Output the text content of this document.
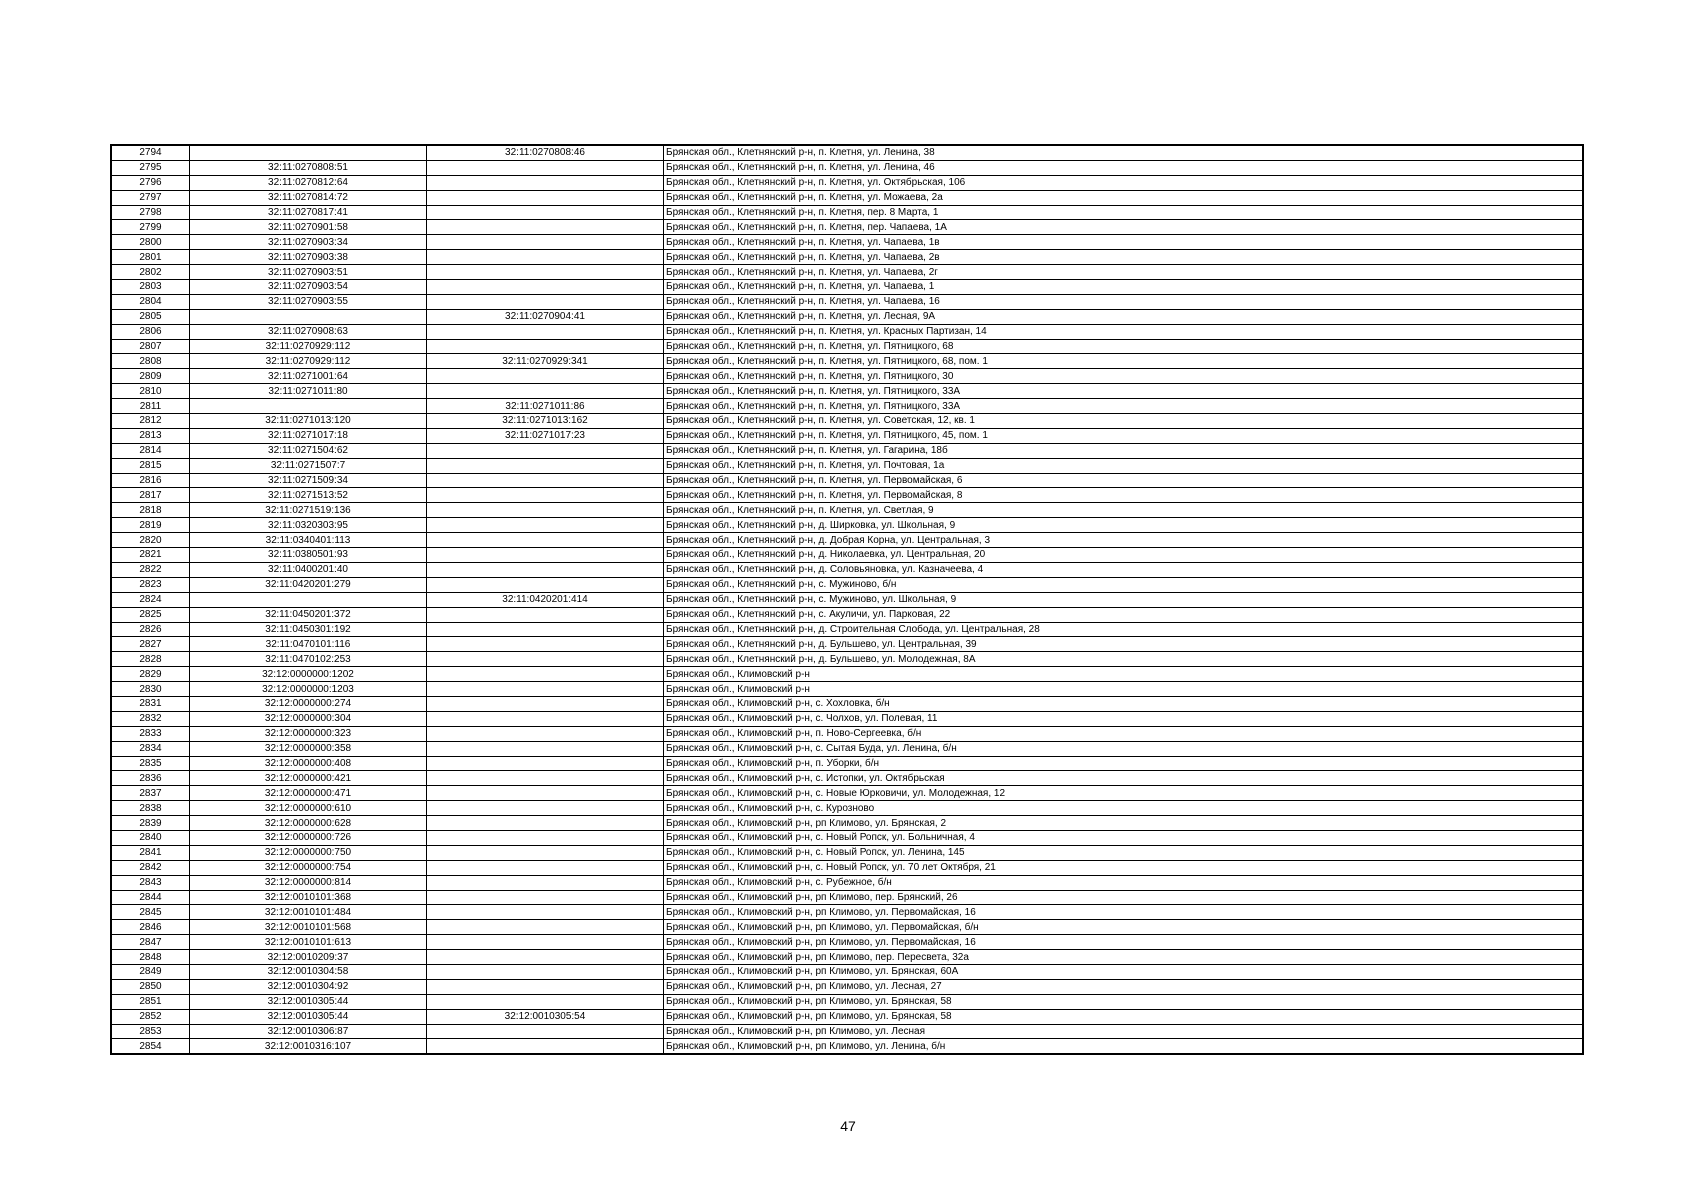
2794		32:11:0270808:46	Брянская обл., Клетнянский р-н, п. Клетня, ул. Ленина, 38
2795	32:11:0270808:51		Брянская обл., Клетнянский р-н, п. Клетня, ул. Ленина, 46
2796	32:11:0270812:64		Брянская обл., Клетнянский р-н, п. Клетня, ул. Октябрьская, 106
2797	32:11:0270814:72		Брянская обл., Клетнянский р-н, п. Клетня, ул. Можаева, 2а
2798	32:11:0270817:41		Брянская обл., Клетнянский р-н, п. Клетня, пер. 8 Марта, 1
2799	32:11:0270901:58		Брянская обл., Клетнянский р-н, п. Клетня, пер. Чапаева, 1А
2800	32:11:0270903:34		Брянская обл., Клетнянский р-н, п. Клетня, ул. Чапаева, 1в
2801	32:11:0270903:38		Брянская обл., Клетнянский р-н, п. Клетня, ул. Чапаева, 2в
2802	32:11:0270903:51		Брянская обл., Клетнянский р-н, п. Клетня, ул. Чапаева, 2г
2803	32:11:0270903:54		Брянская обл., Клетнянский р-н, п. Клетня, ул. Чапаева, 1
2804	32:11:0270903:55		Брянская обл., Клетнянский р-н, п. Клетня, ул. Чапаева, 16
2805		32:11:0270904:41	Брянская обл., Клетнянский р-н, п. Клетня, ул. Лесная, 9А
2806	32:11:0270908:63		Брянская обл., Клетнянский р-н, п. Клетня, ул. Красных Партизан, 14
2807	32:11:0270929:112		Брянская обл., Клетнянский р-н, п. Клетня, ул. Пятницкого, 68
2808	32:11:0270929:112	32:11:0270929:341	Брянская обл., Клетнянский р-н, п. Клетня, ул. Пятницкого, 68, пом. 1
2809	32:11:0271001:64		Брянская обл., Клетнянский р-н, п. Клетня, ул. Пятницкого, 30
2810	32:11:0271011:80		Брянская обл., Клетнянский р-н, п. Клетня, ул. Пятницкого, 33А
2811		32:11:0271011:86	Брянская обл., Клетнянский р-н, п. Клетня, ул. Пятницкого, 33А
2812	32:11:0271013:120	32:11:0271013:162	Брянская обл., Клетнянский р-н, п. Клетня, ул. Советская, 12, кв. 1
2813	32:11:0271017:18	32:11:0271017:23	Брянская обл., Клетнянский р-н, п. Клетня, ул. Пятницкого, 45, пом. 1
2814	32:11:0271504:62		Брянская обл., Клетнянский р-н, п. Клетня, ул. Гагарина, 18б
2815	32:11:0271507:7		Брянская обл., Клетнянский р-н, п. Клетня, ул. Почтовая, 1а
2816	32:11:0271509:34		Брянская обл., Клетнянский р-н, п. Клетня, ул. Первомайская, 6
2817	32:11:0271513:52		Брянская обл., Клетнянский р-н, п. Клетня, ул. Первомайская, 8
2818	32:11:0271519:136		Брянская обл., Клетнянский р-н, п. Клетня, ул. Светлая, 9
2819	32:11:0320303:95		Брянская обл., Клетнянский р-н, д. Ширковка, ул. Школьная, 9
2820	32:11:0340401:113		Брянская обл., Клетнянский р-н, д. Добрая Корна, ул. Центральная, 3
2821	32:11:0380501:93		Брянская обл., Клетнянский р-н, д. Николаевка, ул. Центральная, 20
2822	32:11:0400201:40		Брянская обл., Клетнянский р-н, д. Соловьяновка, ул. Казначеева, 4
2823	32:11:0420201:279		Брянская обл., Клетнянский р-н, с. Мужиново, б/н
2824		32:11:0420201:414	Брянская обл., Клетнянский р-н, с. Мужиново, ул. Школьная, 9
2825	32:11:0450201:372		Брянская обл., Клетнянский р-н, с. Акуличи, ул. Парковая, 22
2826	32:11:0450301:192		Брянская обл., Клетнянский р-н, д. Строительная Слобода, ул. Центральная, 28
2827	32:11:0470101:116		Брянская обл., Клетнянский р-н, д. Бульшево, ул. Центральная, 39
2828	32:11:0470102:253		Брянская обл., Клетнянский р-н, д. Бульшево, ул. Молодежная, 8А
2829	32:12:0000000:1202		Брянская обл., Климовский р-н
2830	32:12:0000000:1203		Брянская обл., Климовский р-н
2831	32:12:0000000:274		Брянская обл., Климовский р-н, с. Хохловка, б/н
2832	32:12:0000000:304		Брянская обл., Климовский р-н, с. Чолхов, ул. Полевая, 11
2833	32:12:0000000:323		Брянская обл., Климовский р-н, п. Ново-Сергеевка, б/н
2834	32:12:0000000:358		Брянская обл., Климовский р-н, с. Сытая Буда, ул. Ленина, б/н
2835	32:12:0000000:408		Брянская обл., Климовский р-н, п. Уборки, б/н
2836	32:12:0000000:421		Брянская обл., Климовский р-н, с. Истопки, ул. Октябрьская
2837	32:12:0000000:471		Брянская обл., Климовский р-н, с. Новые Юрковичи, ул. Молодежная, 12
2838	32:12:0000000:610		Брянская обл., Климовский р-н, с. Курозново
2839	32:12:0000000:628		Брянская обл., Климовский р-н, рп Климово, ул. Брянская, 2
2840	32:12:0000000:726		Брянская обл., Климовский р-н, с. Новый Ропск, ул. Больничная, 4
2841	32:12:0000000:750		Брянская обл., Климовский р-н, с. Новый Ропск, ул. Ленина, 145
2842	32:12:0000000:754		Брянская обл., Климовский р-н, с. Новый Ропск, ул. 70 лет Октября, 21
2843	32:12:0000000:814		Брянская обл., Климовский р-н, с. Рубежное, б/н
2844	32:12:0010101:368		Брянская обл., Климовский р-н, рп Климово, пер. Брянский, 26
2845	32:12:0010101:484		Брянская обл., Климовский р-н, рп Климово, ул. Первомайская, 16
2846	32:12:0010101:568		Брянская обл., Климовский р-н, рп Климово, ул. Первомайская, б/н
2847	32:12:0010101:613		Брянская обл., Климовский р-н, рп Климово, ул. Первомайская, 16
2848	32:12:0010209:37		Брянская обл., Климовский р-н, рп Климово, пер. Пересвета, 32а
2849	32:12:0010304:58		Брянская обл., Климовский р-н, рп Климово, ул. Брянская, 60А
2850	32:12:0010304:92		Брянская обл., Климовский р-н, рп Климово, ул. Лесная, 27
2851	32:12:0010305:44		Брянская обл., Климовский р-н, рп Климово, ул. Брянская, 58
2852	32:12:0010305:44	32:12:0010305:54	Брянская обл., Климовский р-н, рп Климово, ул. Брянская, 58
2853	32:12:0010306:87		Брянская обл., Климовский р-н, рп Климово, ул. Лесная
2854	32:12:0010316:107		Брянская обл., Климовский р-н, рп Климово, ул. Ленина, б/н
47
